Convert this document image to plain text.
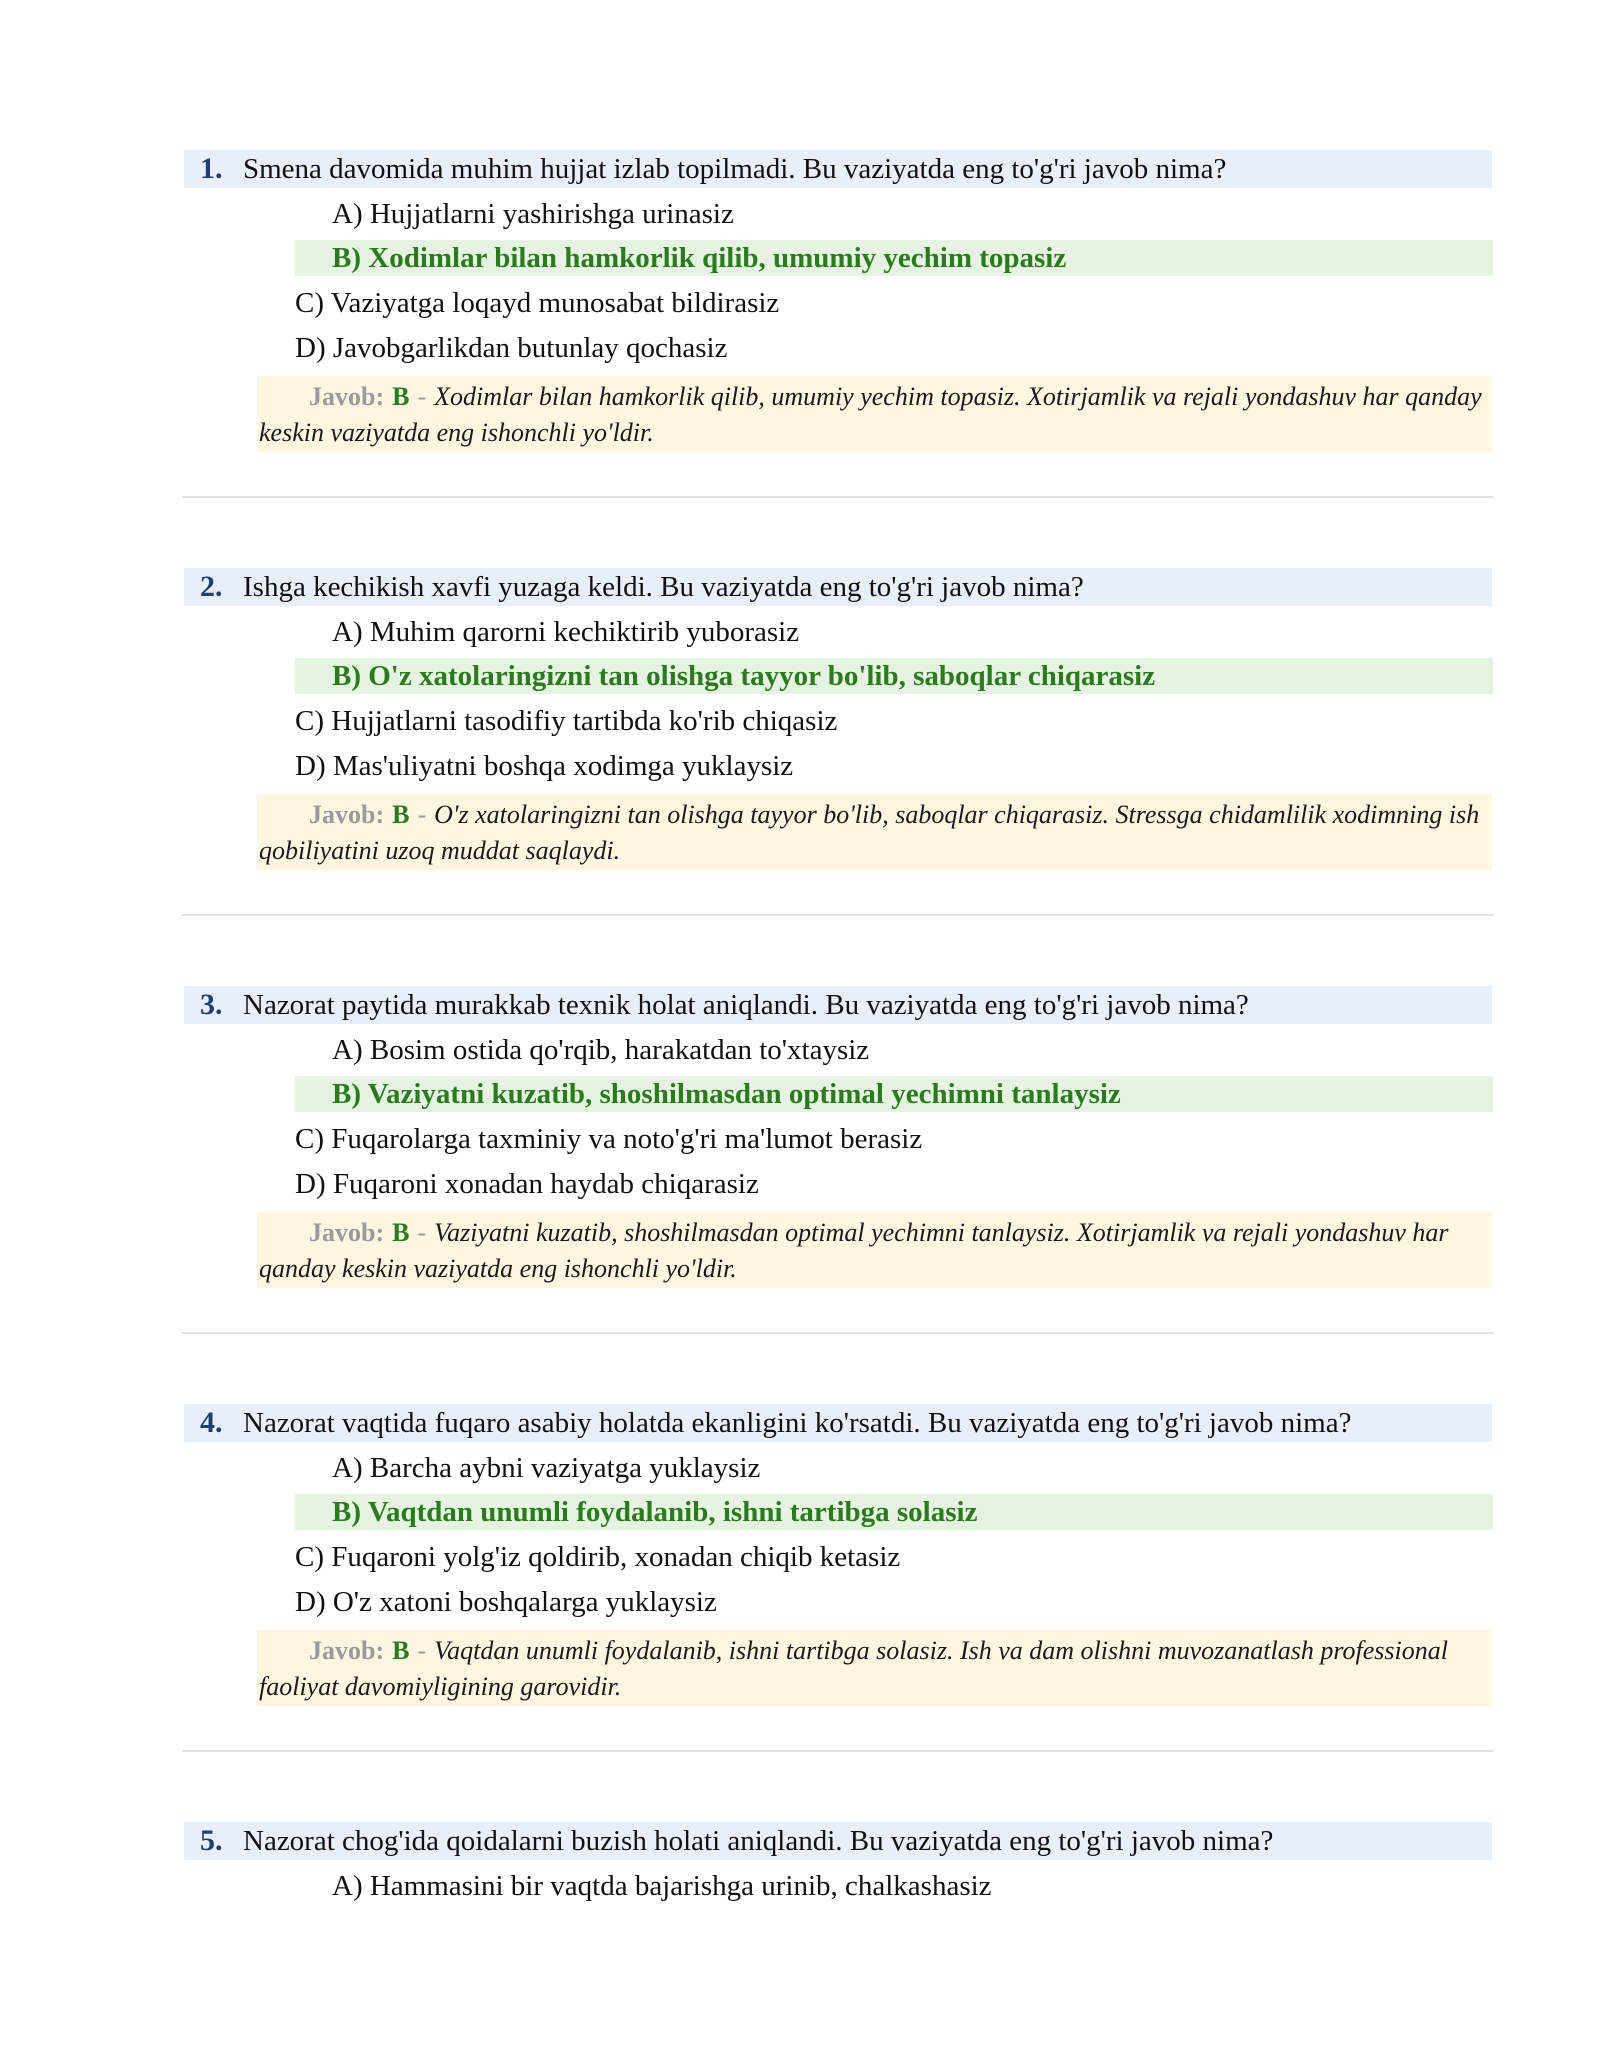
1. Smena davomida muhim hujjat izlab topilmadi. Bu vaziyatda eng to'g'ri javob nima?
A) Hujjatlarni yashirishga urinasiz
B) Xodimlar bilan hamkorlik qilib, umumiy yechim topasiz
C) Vaziyatga loqayd munosabat bildirasiz
D) Javobgarlikdan butunlay qochasiz
Javob: B - Xodimlar bilan hamkorlik qilib, umumiy yechim topasiz. Xotirjamlik va rejali yondashuv har qanday keskin vaziyatda eng ishonchli yo'ldir.
2. Ishga kechikish xavfi yuzaga keldi. Bu vaziyatda eng to'g'ri javob nima?
A) Muhim qarorni kechiktirib yuborasiz
B) O'z xatolaringizni tan olishga tayyor bo'lib, saboqlar chiqarasiz
C) Hujjatlarni tasodifiy tartibda ko'rib chiqasiz
D) Mas'uliyatni boshqa xodimga yuklaysiz
Javob: B - O'z xatolaringizni tan olishga tayyor bo'lib, saboqlar chiqarasiz. Stressga chidamlilik xodimning ish qobiliyatini uzoq muddat saqlaydi.
3. Nazorat paytida murakkab texnik holat aniqlandi. Bu vaziyatda eng to'g'ri javob nima?
A) Bosim ostida qo'rqib, harakatdan to'xtaysiz
B) Vaziyatni kuzatib, shoshilmasdan optimal yechimni tanlaysiz
C) Fuqarolarga taxminiy va noto'g'ri ma'lumot berasiz
D) Fuqaroni xonadan haydab chiqarasiz
Javob: B - Vaziyatni kuzatib, shoshilmasdan optimal yechimni tanlaysiz. Xotirjamlik va rejali yondashuv har qanday keskin vaziyatda eng ishonchli yo'ldir.
4. Nazorat vaqtida fuqaro asabiy holatda ekanligini ko'rsatdi. Bu vaziyatda eng to'g'ri javob nima?
A) Barcha aybni vaziyatga yuklaysiz
B) Vaqtdan unumli foydalanib, ishni tartibga solasiz
C) Fuqaroni yolg'iz qoldirib, xonadan chiqib ketasiz
D) O'z xatoni boshqalarga yuklaysiz
Javob: B - Vaqtdan unumli foydalanib, ishni tartibga solasiz. Ish va dam olishni muvozanatlash professional faoliyat davomiyligining garovidir.
5. Nazorat chog'ida qoidalarni buzish holati aniqlandi. Bu vaziyatda eng to'g'ri javob nima?
A) Hammasini bir vaqtda bajarishga urinib, chalkashasiz
